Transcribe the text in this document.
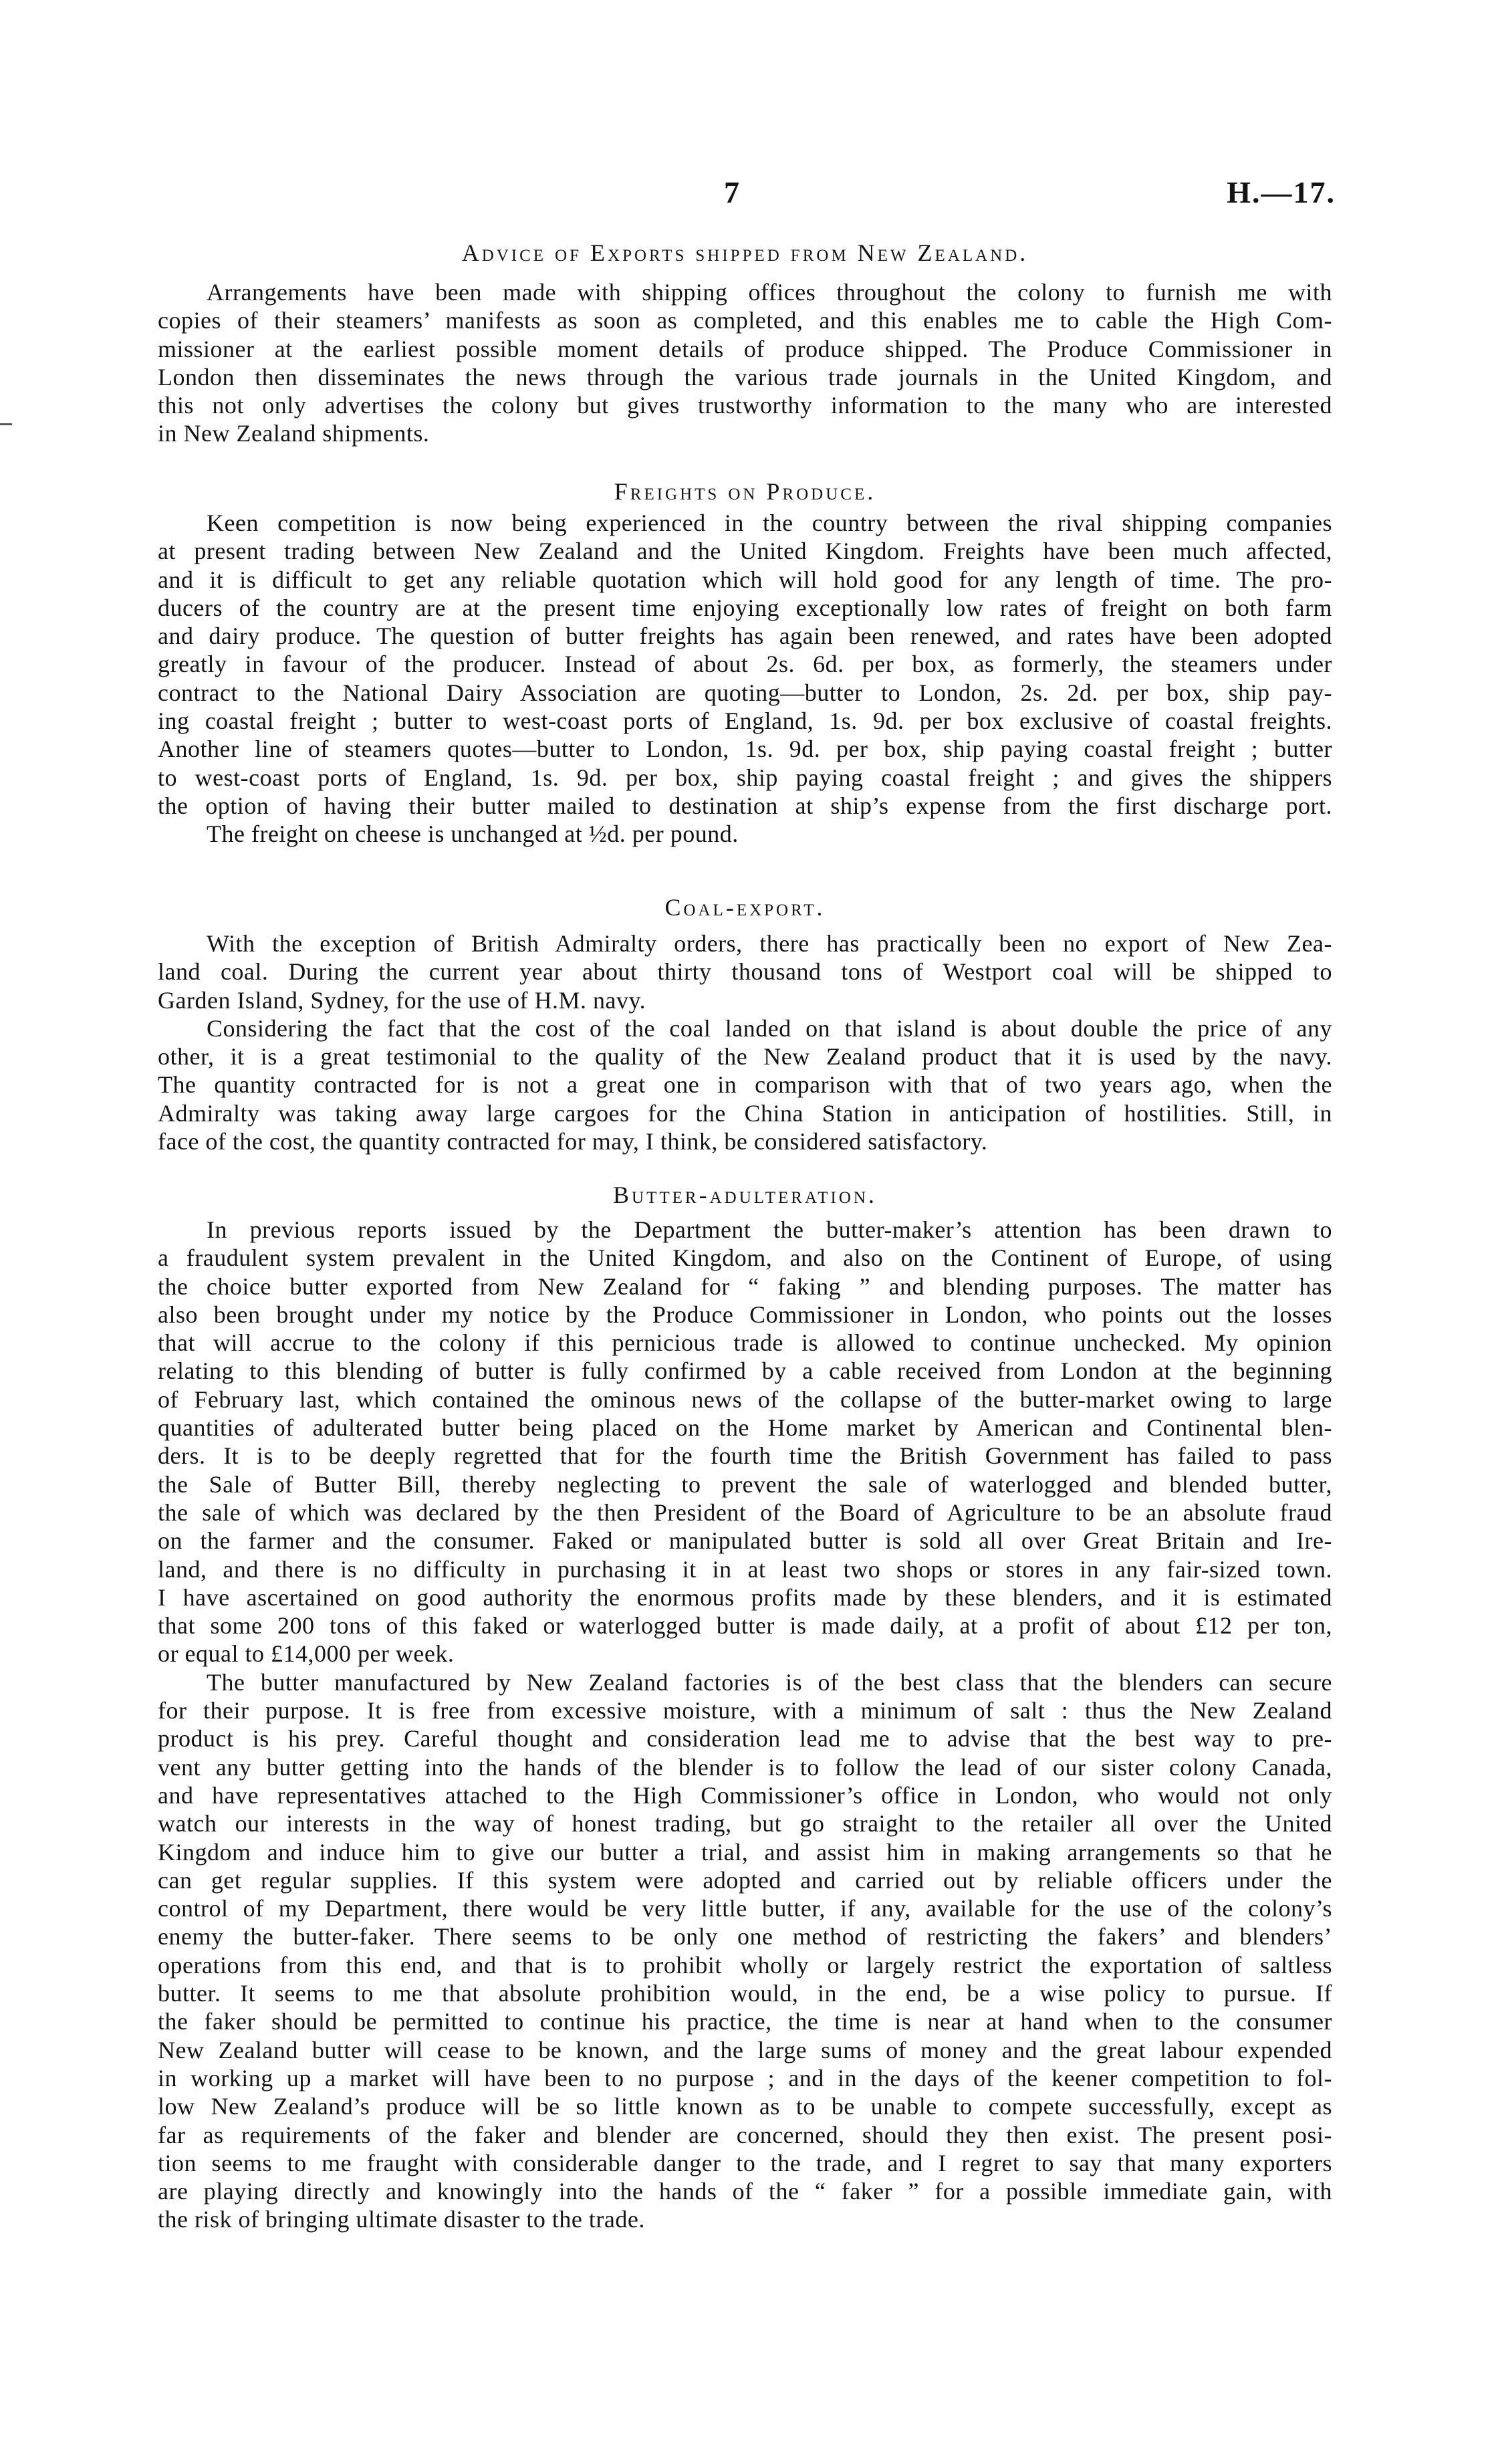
7	H.—17.
Advice of Exports shipped from New Zealand.
Arrangements have been made with shipping offices throughout the colony to furnish me with
copies of their steamers’ manifests as soon as completed, and this enables me to cable the High Com-
missioner at the earliest possible moment details of produce shipped. The Produce Commissioner in
London then disseminates the news through the various trade journals in the United Kingdom, and
this not only advertises the colony but gives trustworthy information to the many who are interested
in New Zealand shipments.
Freights on Produce.
Keen competition is now being experienced in the country between the rival shipping companies
at present trading between New Zealand and the United Kingdom. Freights have been much affected,
and it is difficult to get any reliable quotation which will hold good for any length of time. The pro-
ducers of the country are at the present time enjoying exceptionally low rates of freight on both farm
and dairy produce. The question of butter freights has again been renewed, and rates have been adopted
greatly in favour of the producer. Instead of about 2s. 6d. per box, as formerly, the steamers under
contract to the National Dairy Association are quoting—butter to London, 2s. 2d. per box, ship pay-
ing coastal freight ; butter to west-coast ports of England, 1s. 9d. per box exclusive of coastal freights.
Another line of steamers quotes—butter to London, 1s. 9d. per box, ship paying coastal freight ; butter
to west-coast ports of England, 1s. 9d. per box, ship paying coastal freight ; and gives the shippers
the option of having their butter mailed to destination at ship’s expense from the first discharge port.
The freight on cheese is unchanged at ½d. per pound.
Coal-export.
With the exception of British Admiralty orders, there has practically been no export of New Zea-
land coal. During the current year about thirty thousand tons of Westport coal will be shipped to
Garden Island, Sydney, for the use of H.M. navy.
Considering the fact that the cost of the coal landed on that island is about double the price of any
other, it is a great testimonial to the quality of the New Zealand product that it is used by the navy.
The quantity contracted for is not a great one in comparison with that of two years ago, when the
Admiralty was taking away large cargoes for the China Station in anticipation of hostilities. Still, in
face of the cost, the quantity contracted for may, I think, be considered satisfactory.
Butter-adulteration.
In previous reports issued by the Department the butter-maker’s attention has been drawn to
a fraudulent system prevalent in the United Kingdom, and also on the Continent of Europe, of using
the choice butter exported from New Zealand for “ faking ” and blending purposes. The matter has
also been brought under my notice by the Produce Commissioner in London, who points out the losses
that will accrue to the colony if this pernicious trade is allowed to continue unchecked. My opinion
relating to this blending of butter is fully confirmed by a cable received from London at the beginning
of February last, which contained the ominous news of the collapse of the butter-market owing to large
quantities of adulterated butter being placed on the Home market by American and Continental blen-
ders. It is to be deeply regretted that for the fourth time the British Government has failed to pass
the Sale of Butter Bill, thereby neglecting to prevent the sale of waterlogged and blended butter,
the sale of which was declared by the then President of the Board of Agriculture to be an absolute fraud
on the farmer and the consumer. Faked or manipulated butter is sold all over Great Britain and Ire-
land, and there is no difficulty in purchasing it in at least two shops or stores in any fair-sized town.
I have ascertained on good authority the enormous profits made by these blenders, and it is estimated
that some 200 tons of this faked or waterlogged butter is made daily, at a profit of about £12 per ton,
or equal to £14,000 per week.
The butter manufactured by New Zealand factories is of the best class that the blenders can secure
for their purpose. It is free from excessive moisture, with a minimum of salt : thus the New Zealand
product is his prey. Careful thought and consideration lead me to advise that the best way to pre-
vent any butter getting into the hands of the blender is to follow the lead of our sister colony Canada,
and have representatives attached to the High Commissioner’s office in London, who would not only
watch our interests in the way of honest trading, but go straight to the retailer all over the United
Kingdom and induce him to give our butter a trial, and assist him in making arrangements so that he
can get regular supplies. If this system were adopted and carried out by reliable officers under the
control of my Department, there would be very little butter, if any, available for the use of the colony’s
enemy the butter-faker. There seems to be only one method of restricting the fakers’ and blenders’
operations from this end, and that is to prohibit wholly or largely restrict the exportation of saltless
butter. It seems to me that absolute prohibition would, in the end, be a wise policy to pursue. If
the faker should be permitted to continue his practice, the time is near at hand when to the consumer
New Zealand butter will cease to be known, and the large sums of money and the great labour expended
in working up a market will have been to no purpose ; and in the days of the keener competition to fol-
low New Zealand’s produce will be so little known as to be unable to compete successfully, except as
far as requirements of the faker and blender are concerned, should they then exist. The present posi-
tion seems to me fraught with considerable danger to the trade, and I regret to say that many exporters
are playing directly and knowingly into the hands of the “ faker ” for a possible immediate gain, with
the risk of bringing ultimate disaster to the trade.
